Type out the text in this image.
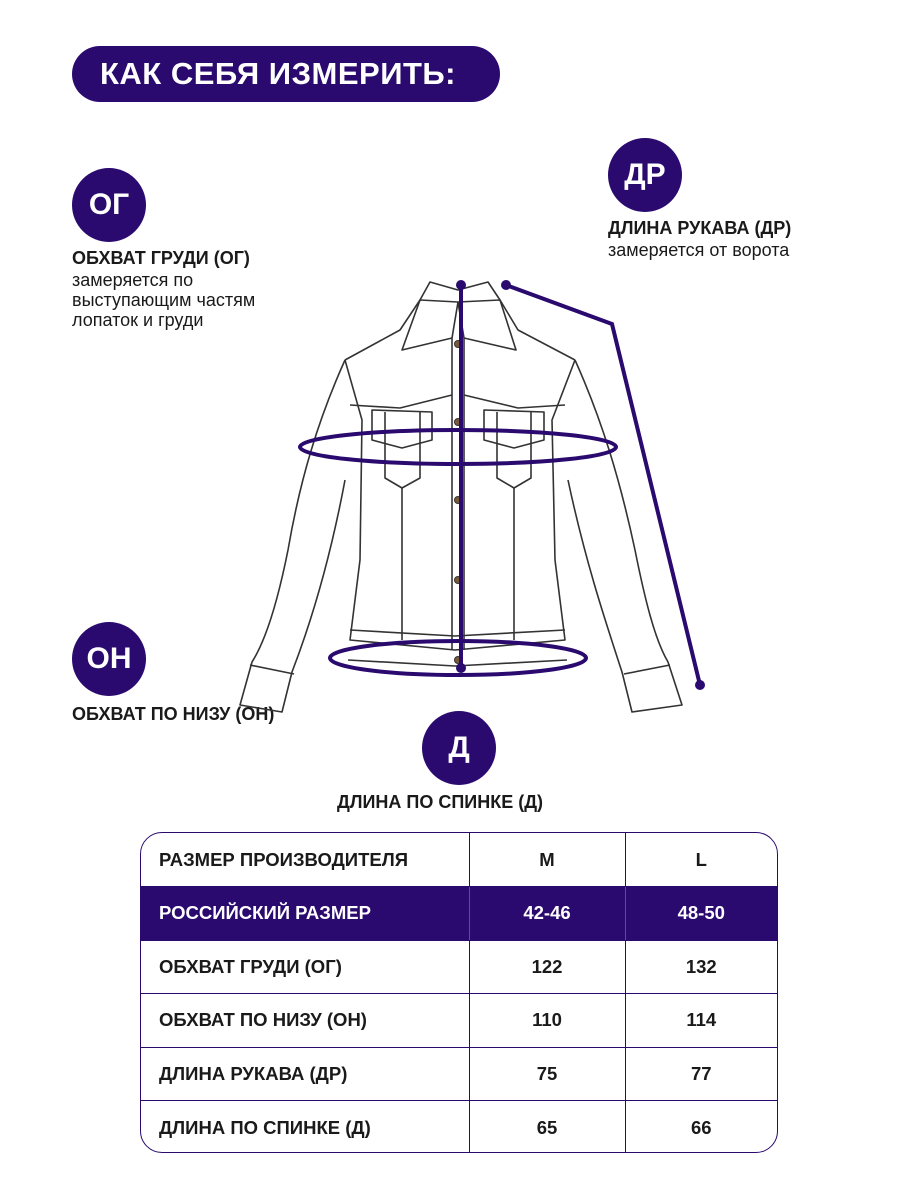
КАК СЕБЯ ИЗМЕРИТЬ:
ОГ
ОБХВАТ ГРУДИ (ОГ)
замеряется по
выступающим частям
лопаток и груди
ДР
ДЛИНА РУКАВА (ДР)
замеряется от ворота
ОН
ОБХВАТ ПО НИЗУ (ОН)
Д
ДЛИНА ПО СПИНКЕ (Д)
РАЗМЕР ПРОИЗВОДИТЕЛЯ	M	L
РОССИЙСКИЙ РАЗМЕР	42-46	48-50
ОБХВАТ ГРУДИ (ОГ)	122	132
ОБХВАТ ПО НИЗУ (ОН)	110	114
ДЛИНА РУКАВА (ДР)	75	77
ДЛИНА ПО СПИНКЕ (Д)	65	66
